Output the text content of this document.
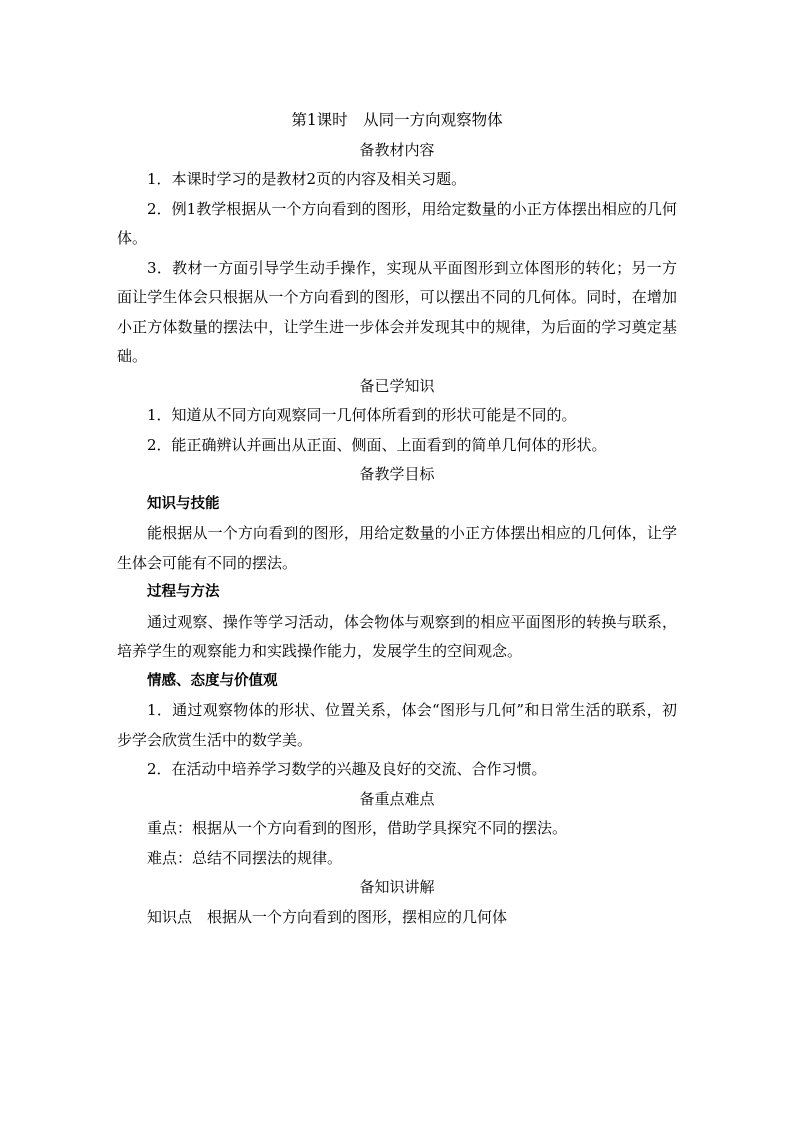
第1课时　从同一方向观察物体

备教材内容

1．本课时学习的是教材2页的内容及相关习题。

2．例1教学根据从一个方向看到的图形，用给定数量的小正方体摆出相应的几何体。

3．教材一方面引导学生动手操作，实现从平面图形到立体图形的转化；另一方面让学生体会只根据从一个方向看到的图形，可以摆出不同的几何体。同时，在增加小正方体数量的摆法中，让学生进一步体会并发现其中的规律，为后面的学习奠定基础。

备已学知识

1．知道从不同方向观察同一几何体所看到的形状可能是不同的。

2．能正确辨认并画出从正面、侧面、上面看到的简单几何体的形状。

备教学目标

知识与技能

能根据从一个方向看到的图形，用给定数量的小正方体摆出相应的几何体，让学生体会可能有不同的摆法。

过程与方法

通过观察、操作等学习活动，体会物体与观察到的相应平面图形的转换与联系，培养学生的观察能力和实践操作能力，发展学生的空间观念。

情感、态度与价值观

1．通过观察物体的形状、位置关系，体会“图形与几何”和日常生活的联系，初步学会欣赏生活中的数学美。

2．在活动中培养学习数学的兴趣及良好的交流、合作习惯。

备重点难点

重点：根据从一个方向看到的图形，借助学具探究不同的摆法。

难点：总结不同摆法的规律。

备知识讲解

知识点　根据从一个方向看到的图形，摆相应的几何体
